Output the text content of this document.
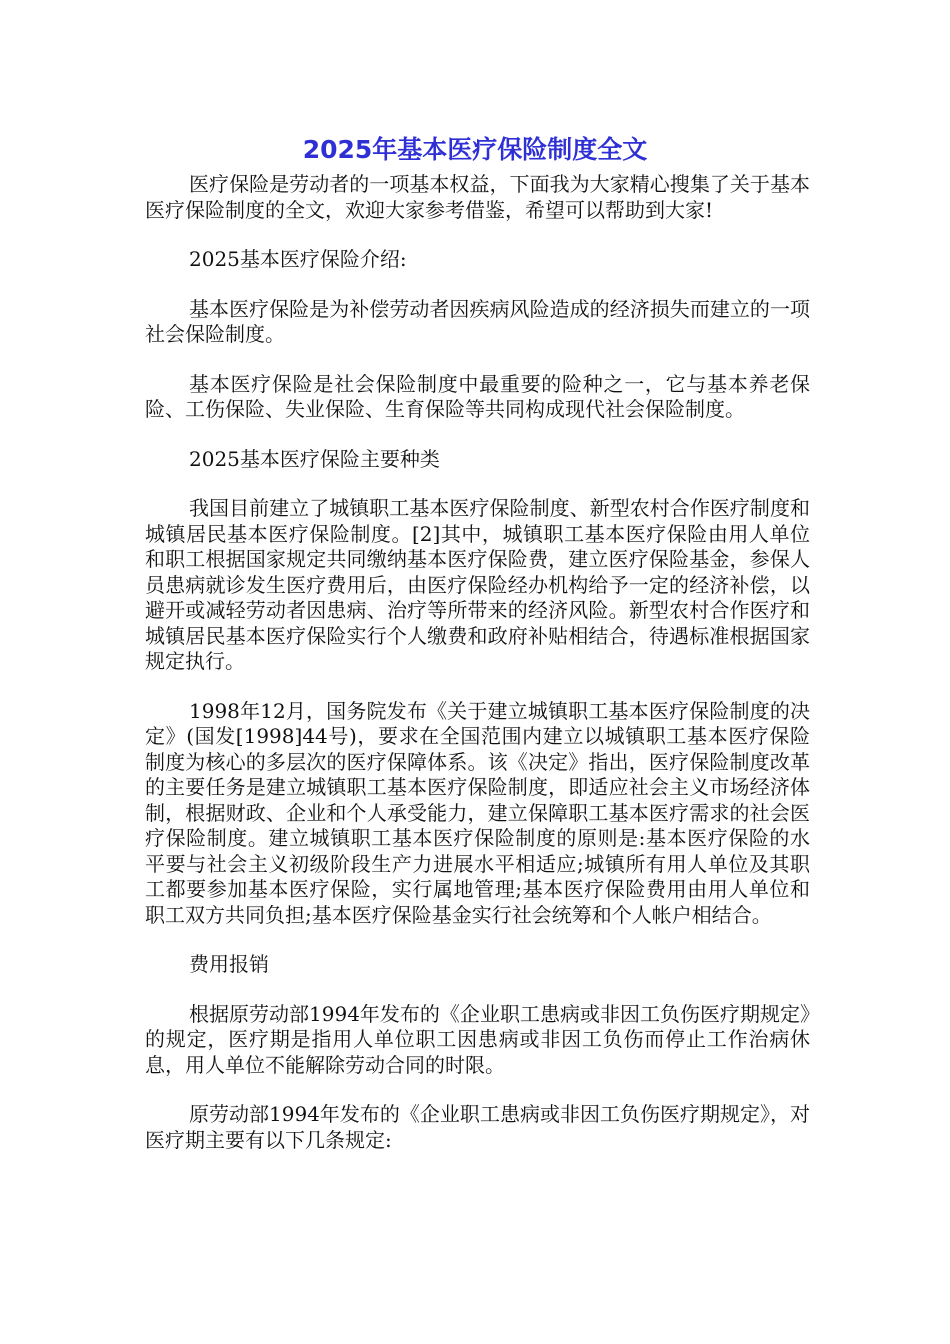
2025年基本医疗保险制度全文

医疗保险是劳动者的一项基本权益，下面我为大家精心搜集了关于基本医疗保险制度的全文，欢迎大家参考借鉴，希望可以帮助到大家!

2025基本医疗保险介绍:

基本医疗保险是为补偿劳动者因疾病风险造成的经济损失而建立的一项社会保险制度。

基本医疗保险是社会保险制度中最重要的险种之一，它与基本养老保险、工伤保险、失业保险、生育保险等共同构成现代社会保险制度。

2025基本医疗保险主要种类

我国目前建立了城镇职工基本医疗保险制度、新型农村合作医疗制度和城镇居民基本医疗保险制度。[2]其中，城镇职工基本医疗保险由用人单位和职工根据国家规定共同缴纳基本医疗保险费，建立医疗保险基金，参保人员患病就诊发生医疗费用后，由医疗保险经办机构给予一定的经济补偿，以避开或减轻劳动者因患病、治疗等所带来的经济风险。新型农村合作医疗和城镇居民基本医疗保险实行个人缴费和政府补贴相结合，待遇标准根据国家规定执行。

1998年12月，国务院发布《关于建立城镇职工基本医疗保险制度的决定》(国发[1998]44号)，要求在全国范围内建立以城镇职工基本医疗保险制度为核心的多层次的医疗保障体系。该《决定》指出，医疗保险制度改革的主要任务是建立城镇职工基本医疗保险制度，即适应社会主义市场经济体制，根据财政、企业和个人承受能力，建立保障职工基本医疗需求的社会医疗保险制度。建立城镇职工基本医疗保险制度的原则是:基本医疗保险的水平要与社会主义初级阶段生产力进展水平相适应;城镇所有用人单位及其职工都要参加基本医疗保险，实行属地管理;基本医疗保险费用由用人单位和职工双方共同负担;基本医疗保险基金实行社会统筹和个人帐户相结合。

费用报销

根据原劳动部1994年发布的《企业职工患病或非因工负伤医疗期规定》的规定，医疗期是指用人单位职工因患病或非因工负伤而停止工作治病休息，用人单位不能解除劳动合同的时限。

原劳动部1994年发布的《企业职工患病或非因工负伤医疗期规定》，对医疗期主要有以下几条规定:
